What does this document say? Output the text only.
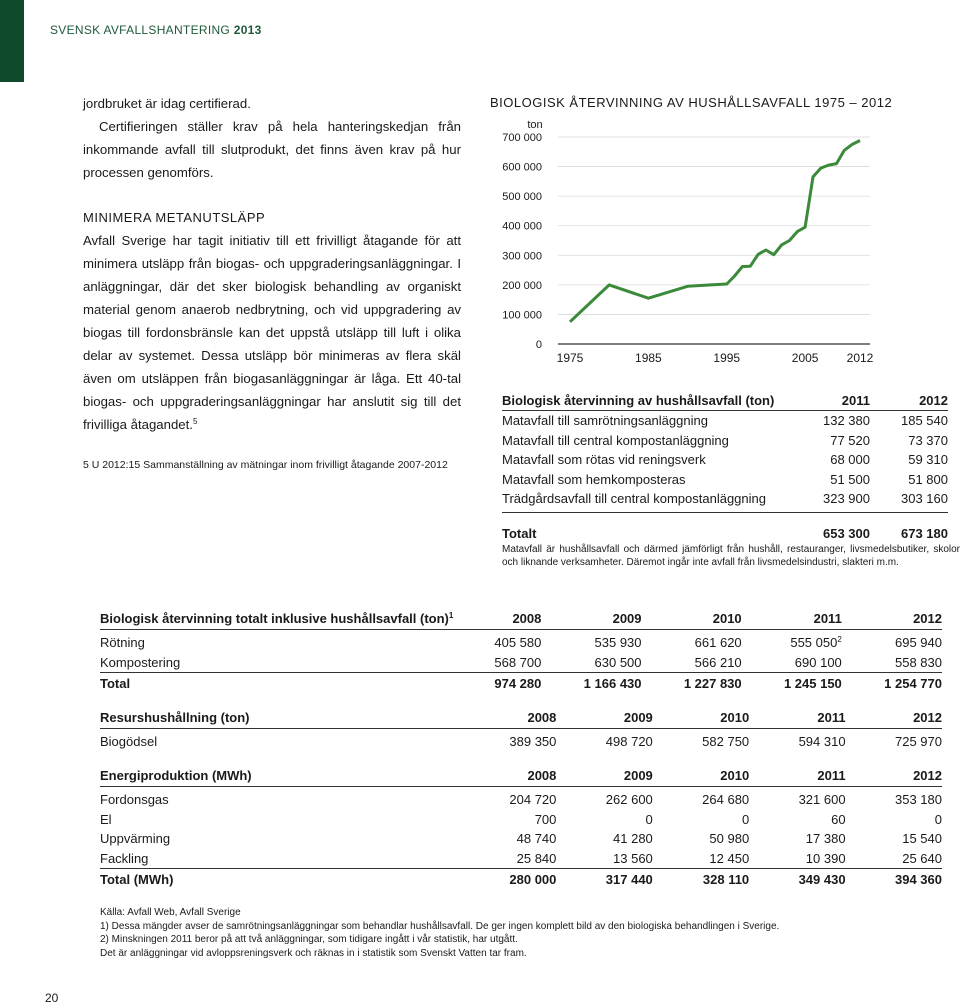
SVENSK AVFALLSHANTERING 2013

jordbruket är idag certifierad.

Certifieringen ställer krav på hela hanteringskedjan från inkommande avfall till slutprodukt, det finns även krav på hur processen genomförs.

MINIMERA METANUTSLÄPP

Avfall Sverige har tagit initiativ till ett frivilligt åtagande för att minimera utsläpp från biogas- och uppgraderingsanläggningar. I anläggningar, där det sker biologisk behandling av organiskt material genom anaerob nedbrytning, och vid uppgradering av biogas till fordonsbränsle kan det uppstå utsläpp till luft i olika delar av systemet. Dessa utsläpp bör minimeras av flera skäl även om utsläppen från biogasanläggningar är låga. Ett 40-tal biogas- och uppgraderingsanläggningar har anslutit sig till det frivilliga åtagandet.$^5$

5 U 2012:15 Sammanställning av mätningar inom frivilligt åtagande 2007-2012

BIOLOGISK ÅTERVINNING AV HUSHÅLLSAVFALL 1975 – 2012
0
100 000
200 000
300 000
400 000
500 000
600 000
700 000
1975	1985	1995	2005 2012
ton
Biologisk återvinning av hushållsavfall (ton)	2011	2012
Matavfall till samrötningsanläggning	132 380	185 540
Matavfall till central kompostanläggning	77 520	73 370
Matavfall som rötas vid reningsverk	68 000	59 310
Matavfall som hemkomposteras	51 500	51 800
Trädgårdsavfall till central kompostanläggning	323 900	303 160

Totalt	653 300	673 180
Matavfall är hushållsavfall och därmed jämförligt från hushåll, restauranger, livsmedelsbutiker, skolor och liknande verksamheter. Däremot ingår inte avfall från livsmedelsindustri, slakteri m.m.
Biologisk återvinning totalt inklusive hushållsavfall (ton)$^1$	2008	2009	2010	2011	2012
Rötning	405 580	535 930	661 620	555 $050^2$	695 940
Kompostering	568 700	630 500	566 210	690 100	558 830
Total	974 280	1 166 430	1 227 830	1 245 150	1 254 770
Resurshushållning (ton)	2008	2009	2010	2011	2012
Biogödsel	389 350	498 720	582 750	594 310	725 970
Energiproduktion (MWh)	2008	2009	2010	2011	2012
Fordonsgas	204 720	262 600	264 680	321 600	353 180
El	700	0	0	60	0
Uppvärming	48 740	41 280	50 980	17 380	15 540
Fackling	25 840	13 560	12 450	10 390	25 640
Total (MWh)	280 000	317 440	328 110	349 430	394 360
Källa: Avfall Web, Avfall Sverige
1) Dessa mängder avser de samrötningsanläggningar som behandlar hushållsavfall. De ger ingen komplett bild av den biologiska behandlingen i Sverige.
2) Minskningen 2011 beror på att två anläggningar, som tidigare ingått i vår statistik, har utgått.
Det är anläggningar vid avloppsreningsverk och räknas in i statistik som Svenskt Vatten tar fram.
20
